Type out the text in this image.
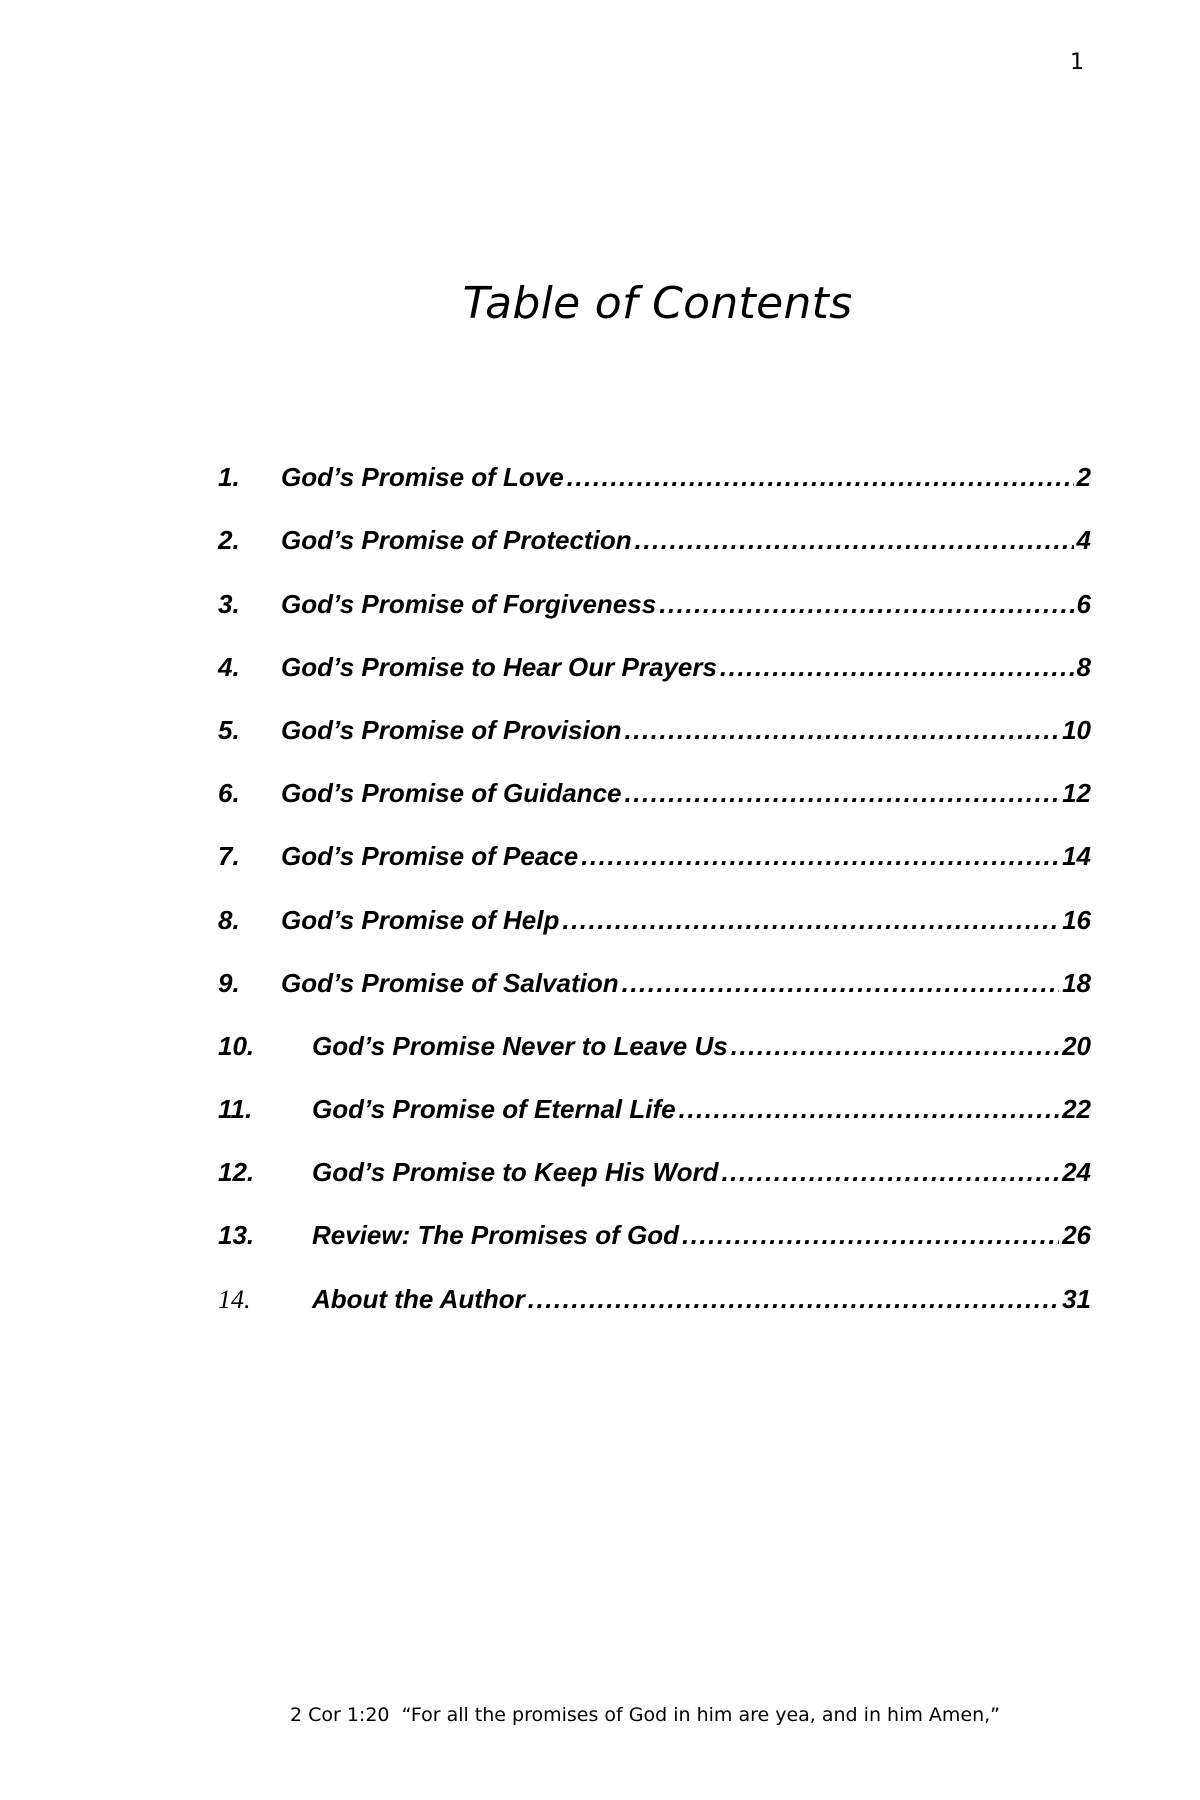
1
Table of Contents
1.	God’s Promise of Love .....	2
2.	God’s Promise of Protection .....	4
3.	God’s Promise of Forgiveness .....	6
4.	God’s Promise to Hear Our Prayers .....	8
5.	God’s Promise of Provision .....	10
6.	God’s Promise of Guidance .....	12
7.	God’s Promise of Peace .....	14
8.	God’s Promise of Help .....	16
9.	God’s Promise of Salvation .....	18
10.	God’s Promise Never to Leave Us .....	20
11.	God’s Promise of Eternal Life .....	22
12.	God’s Promise to Keep His Word .....	24
13.	Review: The Promises of God .....	26
14.	About the Author .....	31
2 Cor 1:20  “For all the promises of God in him are yea, and in him Amen,”
